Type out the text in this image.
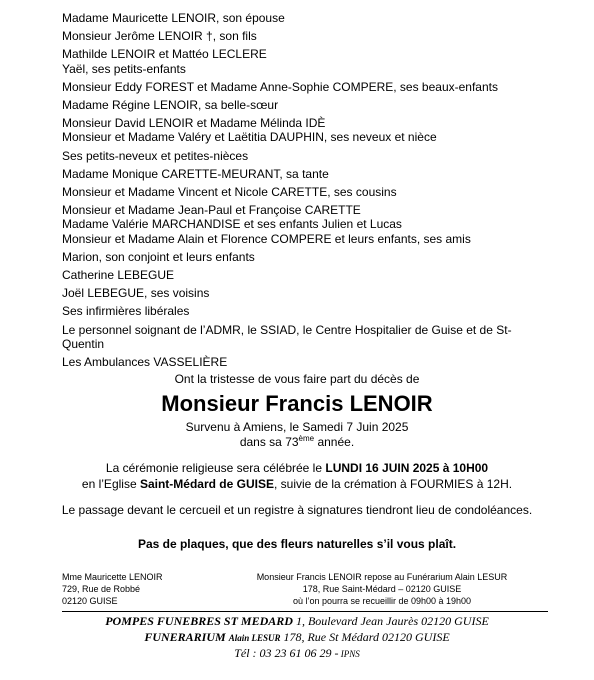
Madame Mauricette LENOIR, son épouse
Monsieur Jerôme LENOIR †, son fils
Mathilde LENOIR et Mattéo LECLERE
Yaël, ses petits-enfants
Monsieur Eddy FOREST et Madame Anne-Sophie COMPERE, ses beaux-enfants
Madame Régine LENOIR, sa belle-sœur
Monsieur David LENOIR et Madame Mélinda IDÈ
Monsieur et Madame Valéry et Laëtitia DAUPHIN, ses neveux et nièce
Ses petits-neveux et petites-nièces
Madame Monique CARETTE-MEURANT, sa tante
Monsieur et Madame Vincent et Nicole CARETTE, ses cousins
Monsieur et Madame Jean-Paul et Françoise CARETTE
Madame Valérie MARCHANDISE et ses enfants Julien et Lucas
Monsieur et Madame Alain et Florence COMPERE et leurs enfants, ses amis
Marion, son conjoint et leurs enfants
Catherine LEBEGUE
Joël LEBEGUE, ses voisins
Ses infirmières libérales
Le personnel soignant de l’ADMR, le SSIAD, le Centre Hospitalier de Guise et de St-Quentin
Les Ambulances VASSELIÈRE
Ont la tristesse de vous faire part du décès de
Monsieur Francis LENOIR
Survenu à Amiens, le Samedi 7 Juin 2025
dans sa 73ème année.
La cérémonie religieuse sera célébrée le LUNDI 16 JUIN 2025 à 10H00
en l’Eglise Saint-Médard de GUISE, suivie de la crémation à FOURMIES à 12H.
Le passage devant le cercueil et un registre à signatures tiendront lieu de condoléances.
Pas de plaques, que des fleurs naturelles s’il vous plaît.
Mme Mauricette LENOIR
729, Rue de Robbé
02120 GUISE
Monsieur Francis LENOIR repose au Funérarium Alain LESUR
178, Rue Saint-Médard – 02120 GUISE
où l’on pourra se recueillir de 09h00 à 19h00
POMPES FUNEBRES ST MEDARD 1, Boulevard Jean Jaurès 02120 GUISE
FUNERARIUM Alain LESUR 178, Rue St Médard 02120 GUISE
Tél : 03 23 61 06 29 - IPNS
